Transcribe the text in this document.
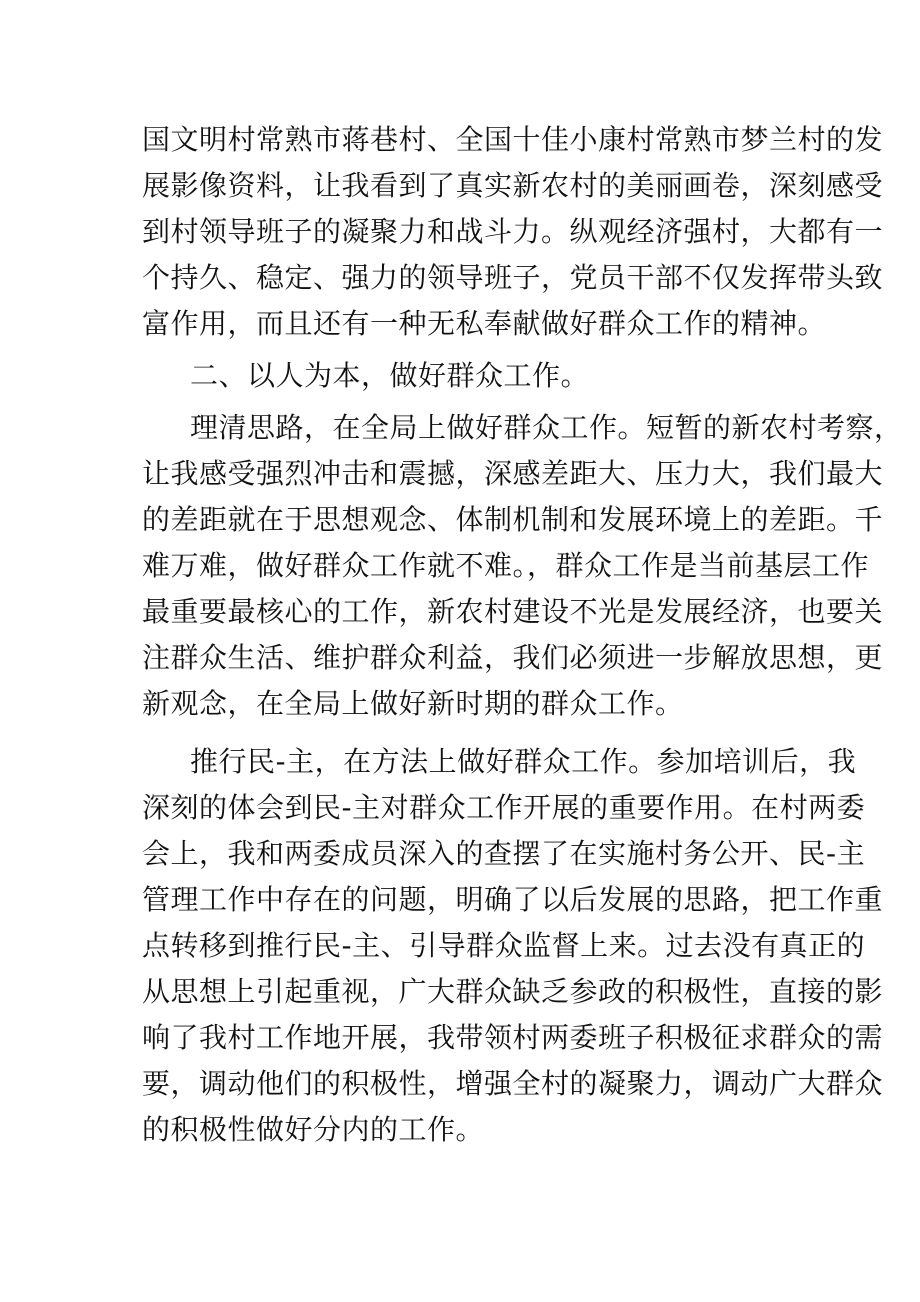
国文明村常熟市蒋巷村、全国十佳小康村常熟市梦兰村的发
展影像资料，让我看到了真实新农村的美丽画卷，深刻感受
到村领导班子的凝聚力和战斗力。纵观经济强村，大都有一
个持久、稳定、强力的领导班子，党员干部不仅发挥带头致
富作用，而且还有一种无私奉献做好群众工作的精神。
二、以人为本，做好群众工作。
理清思路，在全局上做好群众工作。短暂的新农村考察，
让我感受强烈冲击和震撼，深感差距大、压力大，我们最大
的差距就在于思想观念、体制机制和发展环境上的差距。千
难万难，做好群众工作就不难。，群众工作是当前基层工作
最重要最核心的工作，新农村建设不光是发展经济，也要关
注群众生活、维护群众利益，我们必须进一步解放思想，更
新观念，在全局上做好新时期的群众工作。
推行民-主，在方法上做好群众工作。参加培训后，我
深刻的体会到民-主对群众工作开展的重要作用。在村两委
会上，我和两委成员深入的查摆了在实施村务公开、民-主
管理工作中存在的问题，明确了以后发展的思路，把工作重
点转移到推行民-主、引导群众监督上来。过去没有真正的
从思想上引起重视，广大群众缺乏参政的积极性，直接的影
响了我村工作地开展，我带领村两委班子积极征求群众的需
要，调动他们的积极性，增强全村的凝聚力，调动广大群众
的积极性做好分内的工作。
